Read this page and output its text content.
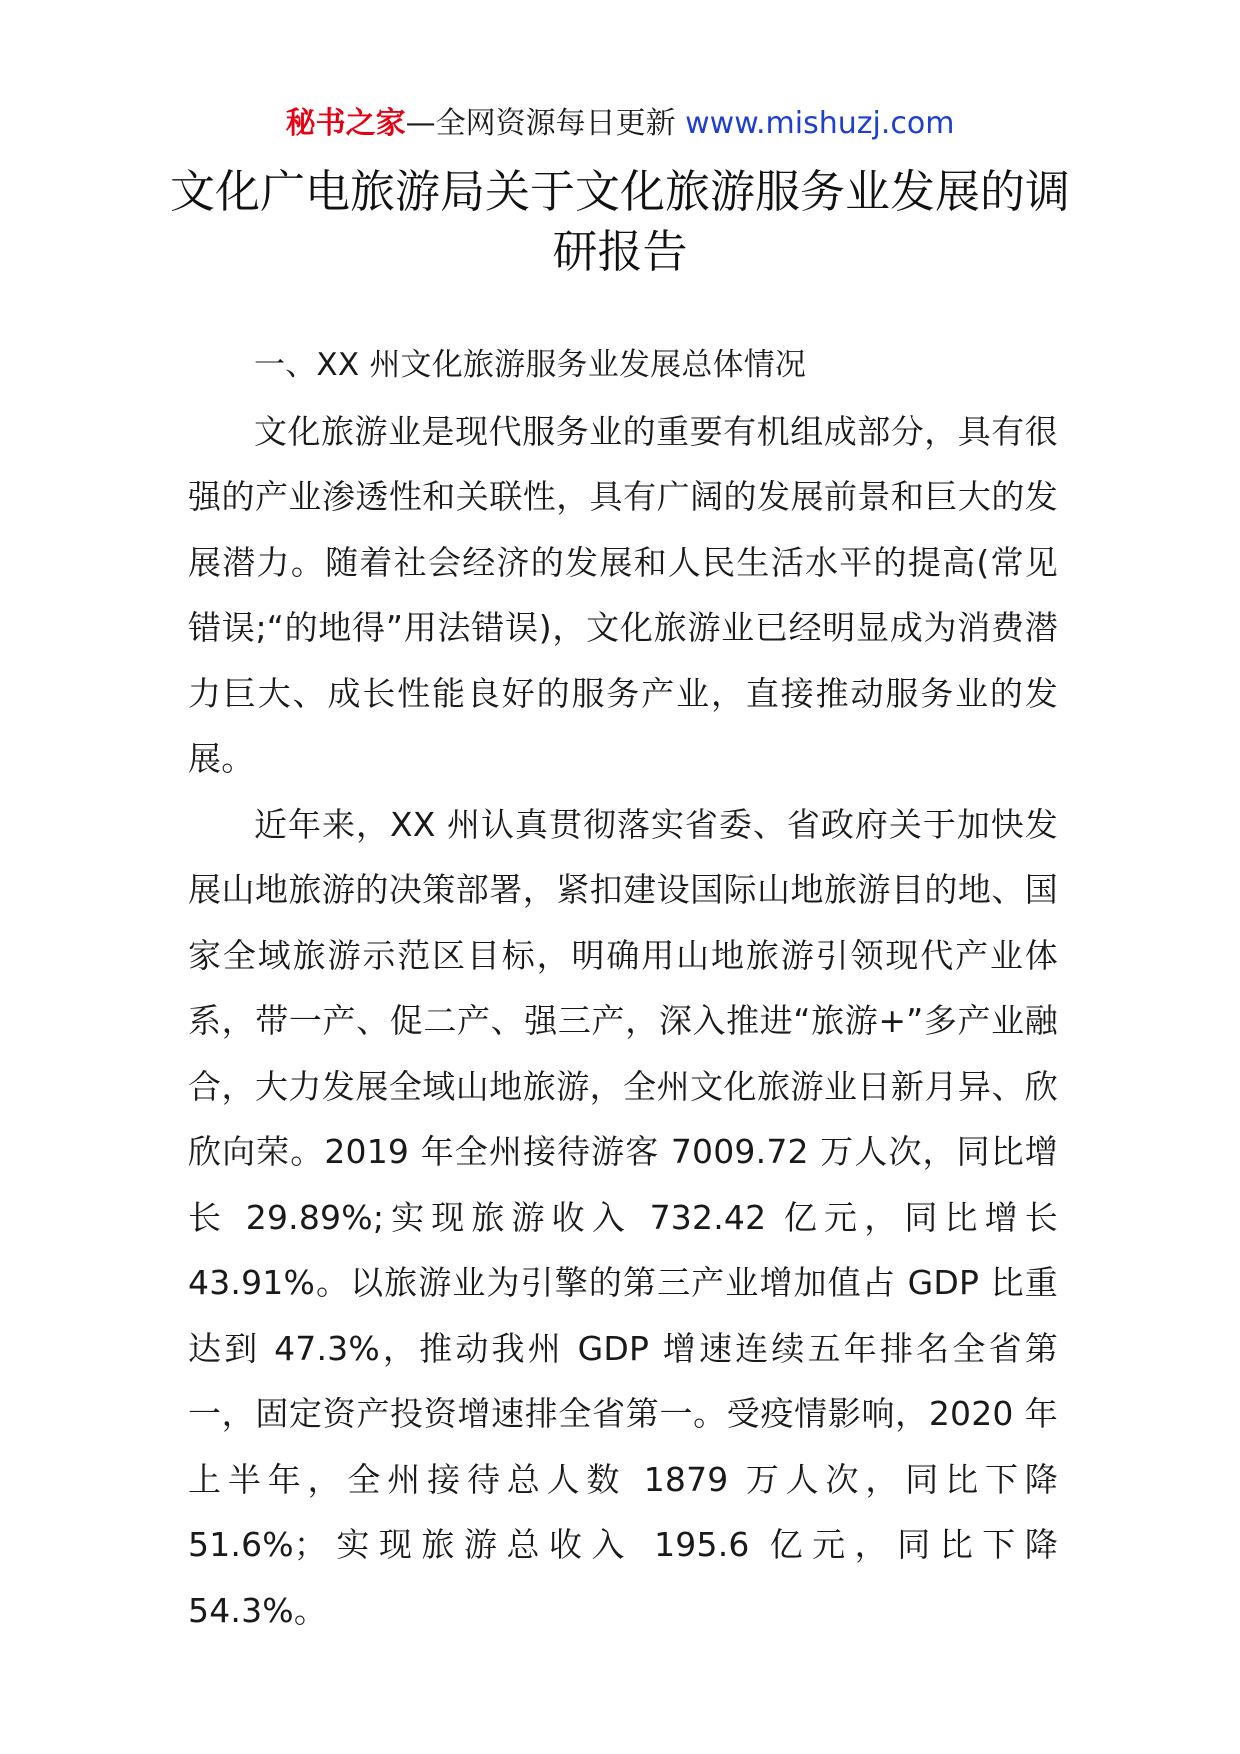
秘书之家—全网资源每日更新 www.mishuzj.com
文化广电旅游局关于文化旅游服务业发展的调研报告

一、XX 州文化旅游服务业发展总体情况

文化旅游业是现代服务业的重要有机组成部分，具有很强的产业渗透性和关联性，具有广阔的发展前景和巨大的发展潜力。随着社会经济的发展和人民生活水平的提高(常见错误;“的地得”用法错误)，文化旅游业已经明显成为消费潜力巨大、成长性能良好的服务产业，直接推动服务业的发展。

近年来，XX 州认真贯彻落实省委、省政府关于加快发展山地旅游的决策部署，紧扣建设国际山地旅游目的地、国家全域旅游示范区目标，明确用山地旅游引领现代产业体系，带一产、促二产、强三产，深入推进“旅游+”多产业融合，大力发展全域山地旅游，全州文化旅游业日新月异、欣欣向荣。2019 年全州接待游客 7009.72 万人次，同比增长 29.89%;实现旅游收入 732.42 亿元，同比增长 43.91%。以旅游业为引擎的第三产业增加值占 GDP 比重达到 47.3%，推动我州 GDP 增速连续五年排名全省第一，固定资产投资增速排全省第一。受疫情影响，2020 年上半年，全州接待总人数 1879 万人次，同比下降 51.6%；实现旅游总收入 195.6 亿元，同比下降 54.3%。
